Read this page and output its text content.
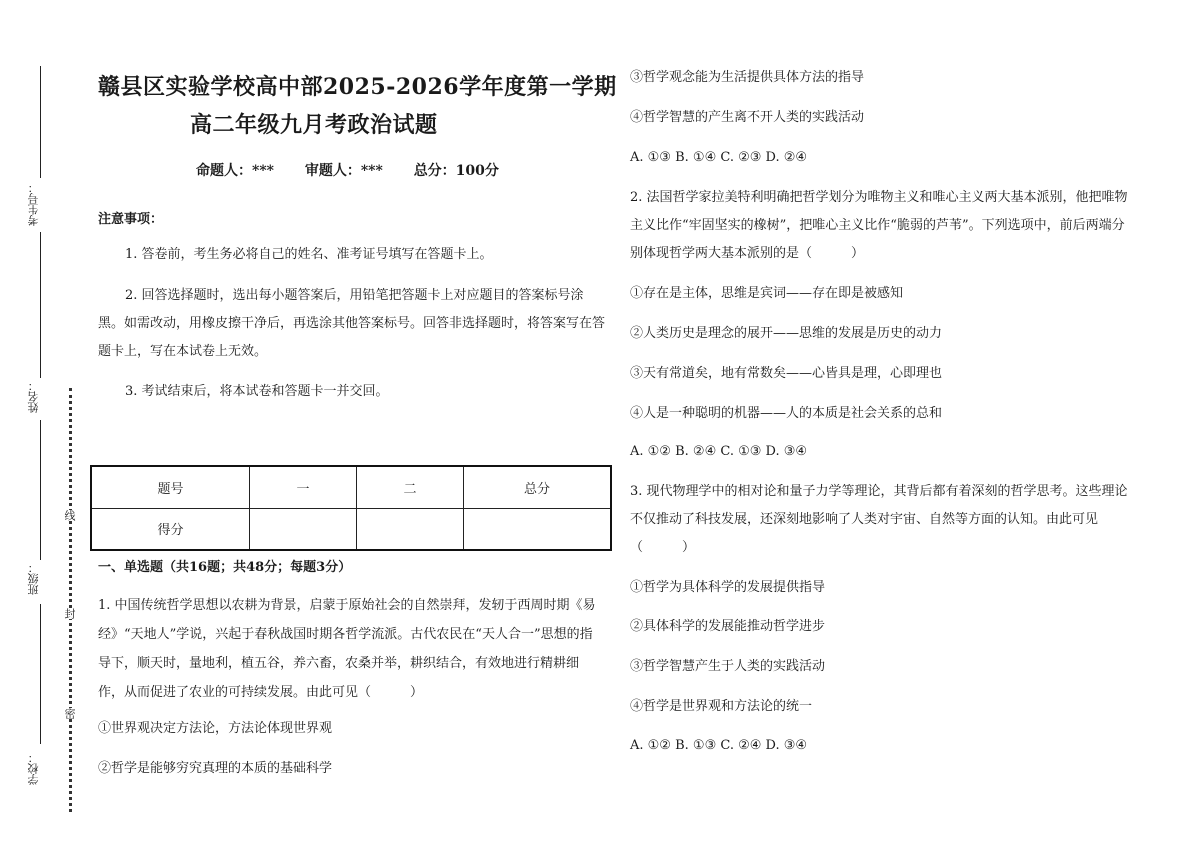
考生号：
姓名：
班级：
学校：
线
封
密
赣县区实验学校高中部2025-2026学年度第一学期
高二年级九月考政治试题
命题人：*** 审题人：*** 总分：100分
注意事项：
1. 答卷前，考生务必将自己的姓名、准考证号填写在答题卡上。
2. 回答选择题时，选出每小题答案后，用铅笔把答题卡上对应题目的答案标号涂黑。如需改动，用橡皮擦干净后，再选涂其他答案标号。回答非选择题时，将答案写在答题卡上，写在本试卷上无效。
3. 考试结束后，将本试卷和答题卡一并交回。
题号	一	二	总分
得分			
一、单选题（共16题；共48分；每题3分）
1. 中国传统哲学思想以农耕为背景，启蒙于原始社会的自然崇拜，发轫于西周时期《易经》“天地人”学说，兴起于春秋战国时期各哲学流派。古代农民在“天人合一”思想的指导下，顺天时，量地利，植五谷，养六畜，农桑并举，耕织结合，有效地进行精耕细作，从而促进了农业的可持续发展。由此可见（　　　）
①世界观决定方法论，方法论体现世界观
②哲学是能够穷究真理的本质的基础科学
③哲学观念能为生活提供具体方法的指导
④哲学智慧的产生离不开人类的实践活动
A. ①③ B. ①④ C. ②③ D. ②④
2. 法国哲学家拉美特利明确把哲学划分为唯物主义和唯心主义两大基本派别，他把唯物主义比作“牢固坚实的橡树”，把唯心主义比作“脆弱的芦苇”。下列选项中，前后两端分别体现哲学两大基本派别的是（　　　）
①存在是主体，思维是宾词——存在即是被感知
②人类历史是理念的展开——思维的发展是历史的动力
③天有常道矣，地有常数矣——心皆具是理，心即理也
④人是一种聪明的机器——人的本质是社会关系的总和
A. ①② B. ②④ C. ①③ D. ③④
3. 现代物理学中的相对论和量子力学等理论，其背后都有着深刻的哲学思考。这些理论不仅推动了科技发展，还深刻地影响了人类对宇宙、自然等方面的认知。由此可见（　　　）
①哲学为具体科学的发展提供指导
②具体科学的发展能推动哲学进步
③哲学智慧产生于人类的实践活动
④哲学是世界观和方法论的统一
A. ①② B. ①③ C. ②④ D. ③④
